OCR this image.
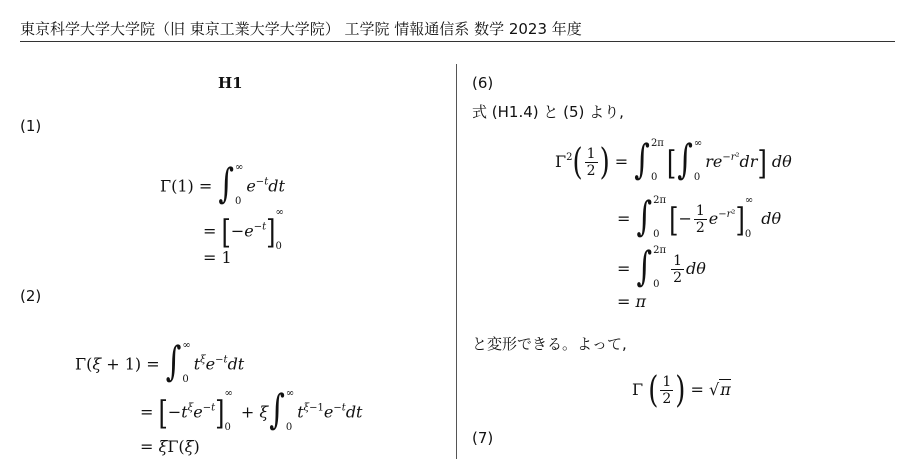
東京科学大学大学院（旧 東京工業大学大学院） 工学院 情報通信系 数学 2023 年度
H1
(1)
Γ(1) = ∫ ∞
0
$e^{-t}dt$
= $[-e^{-t}]$
∞
0
= 1
(2)
Γ(ξ + 1) = ∫ ∞
0
$t^\xi e^{-t}dt$
= $[-t^\xi e^{-t}]$
∞
0
+ ξ∫ ∞
0
$t^{\xi-1}e^{-t}dt$
= ξΓ(ξ)
(6)
式 (H1.4) と (5) より,
$\Gamma^2( \frac{1}{2}$ ) = ∫ 2π
0 [∫ ∞
0
$re^{-r^2}dr$] dθ
= ∫ 2π
0 [− $\frac{1}{2} e^{-r^2}$]
∞
0
dθ
= ∫ 2π
$0 \frac{1}{2}$ dθ
= π
と変形できる。よって,
Γ ( $\frac{1}{2}$ ) = √π
(7)
